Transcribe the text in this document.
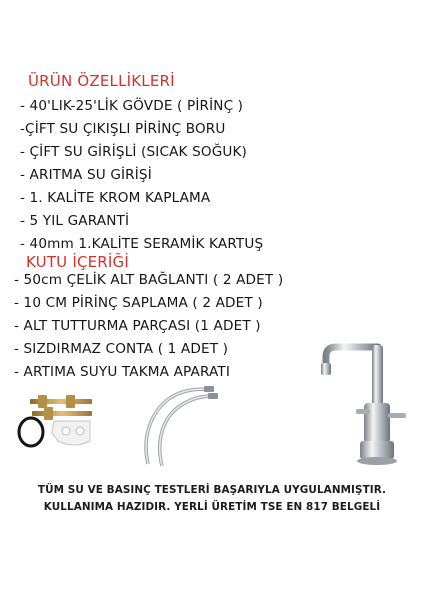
ÜRÜN ÖZELLİKLERİ
- 40'LIK-25'LİK GÖVDE ( PİRİNÇ )
-ÇİFT SU ÇIKIŞLI PİRİNÇ BORU
- ÇİFT SU GİRİŞLİ (SICAK SOĞUK)
- ARITMA SU GİRİŞİ
- 1. KALİTE KROM KAPLAMA
- 5 YIL GARANTİ
- 40mm 1.KALİTE SERAMİK KARTUŞ
KUTU İÇERİĞİ
- 50cm ÇELİK ALT BAĞLANTI ( 2 ADET )
- 10 CM PİRİNÇ SAPLAMA ( 2 ADET )
- ALT TUTTURMA PARÇASI (1 ADET )
- SIZDIRMAZ CONTA ( 1 ADET )
- ARTIMA SUYU TAKMA APARATI
TÜM SU VE BASINÇ TESTLERİ BAŞARIYLA UYGULANMIŞTIR.
KULLANIMA HAZIDIR. YERLİ ÜRETİM TSE EN 817 BELGELİ
